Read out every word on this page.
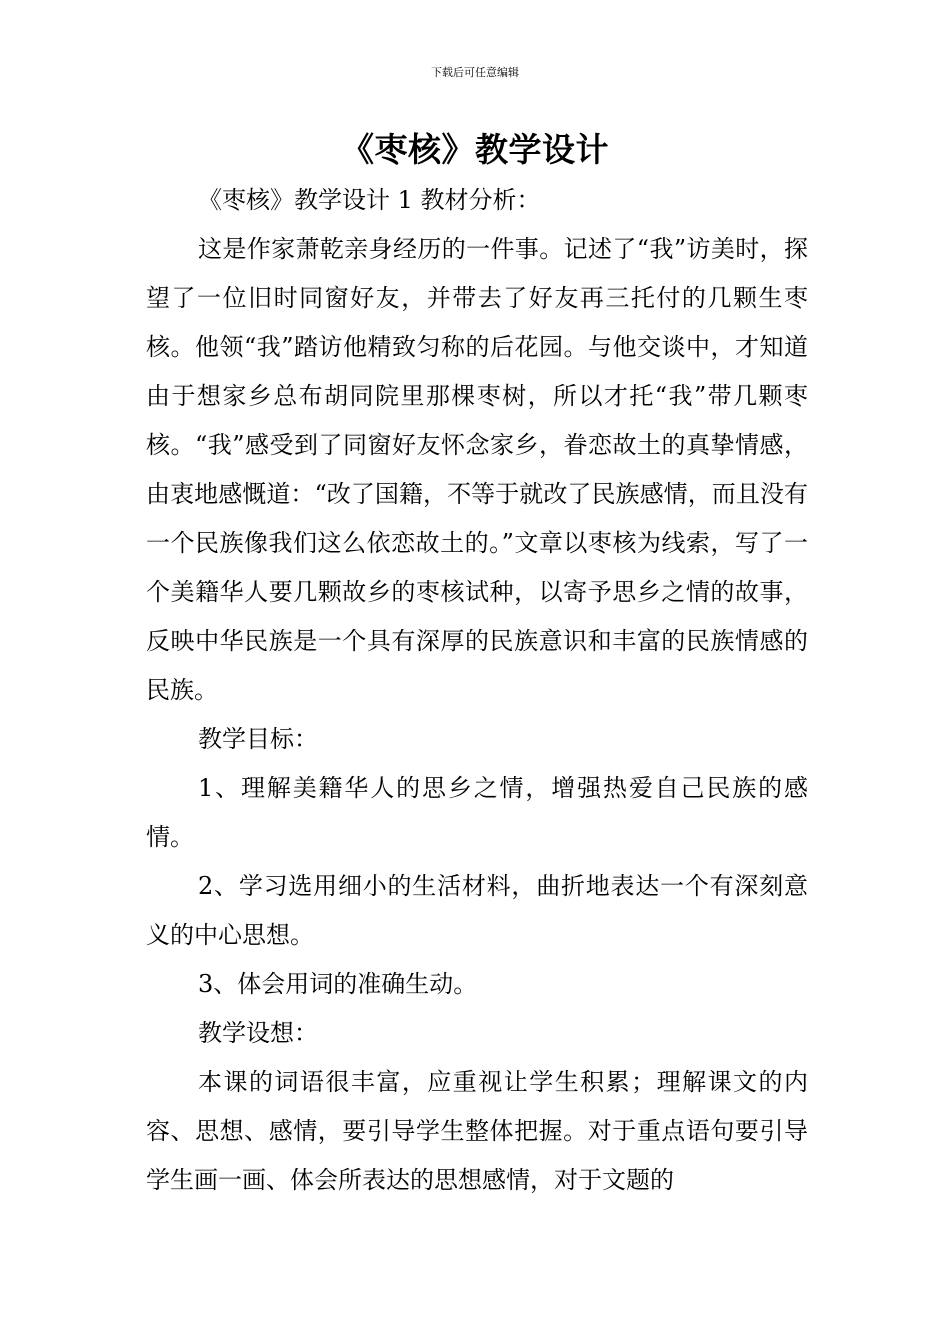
下载后可任意编辑
《枣核》教学设计

《枣核》教学设计 1 教材分析：

这是作家萧乾亲身经历的一件事。记述了“我”访美时，探望了一位旧时同窗好友，并带去了好友再三托付的几颗生枣核。他领“我”踏访他精致匀称的后花园。与他交谈中，才知道由于想家乡总布胡同院里那棵枣树，所以才托“我”带几颗枣核。“我”感受到了同窗好友怀念家乡，眷恋故土的真挚情感，由衷地感慨道：“改了国籍，不等于就改了民族感情，而且没有一个民族像我们这么依恋故土的。”文章以枣核为线索，写了一个美籍华人要几颗故乡的枣核试种，以寄予思乡之情的故事，反映中华民族是一个具有深厚的民族意识和丰富的民族情感的民族。

教学目标：

1、理解美籍华人的思乡之情，增强热爱自己民族的感情。

2、学习选用细小的生活材料，曲折地表达一个有深刻意义的中心思想。

3、体会用词的准确生动。

教学设想：

本课的词语很丰富，应重视让学生积累；理解课文的内容、思想、感情，要引导学生整体把握。对于重点语句要引导学生画一画、体会所表达的思想感情，对于文题的
